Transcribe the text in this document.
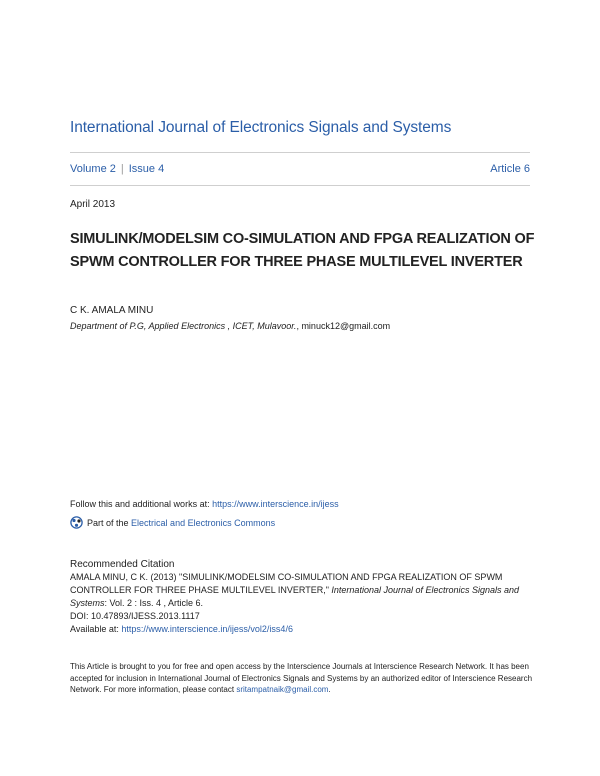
International Journal of Electronics Signals and Systems
Volume 2 | Issue 4	Article 6
April 2013
SIMULINK/MODELSIM CO-SIMULATION AND FPGA REALIZATION OF SPWM CONTROLLER FOR THREE PHASE MULTILEVEL INVERTER
C K. AMALA MINU
Department of P.G, Applied Electronics , ICET, Mulavoor., minuck12@gmail.com
Follow this and additional works at: https://www.interscience.in/ijess
Part of the
Electrical and Electronics Commons
Recommended Citation
AMALA MINU, C K. (2013) "SIMULINK/MODELSIM CO-SIMULATION AND FPGA REALIZATION OF SPWM CONTROLLER FOR THREE PHASE MULTILEVEL INVERTER," International Journal of Electronics Signals and Systems: Vol. 2 : Iss. 4 , Article 6.
DOI: 10.47893/IJESS.2013.1117
Available at: https://www.interscience.in/ijess/vol2/iss4/6
This Article is brought to you for free and open access by the Interscience Journals at Interscience Research Network. It has been accepted for inclusion in International Journal of Electronics Signals and Systems by an authorized editor of Interscience Research Network. For more information, please contact sritampatnaik@gmail.com.
